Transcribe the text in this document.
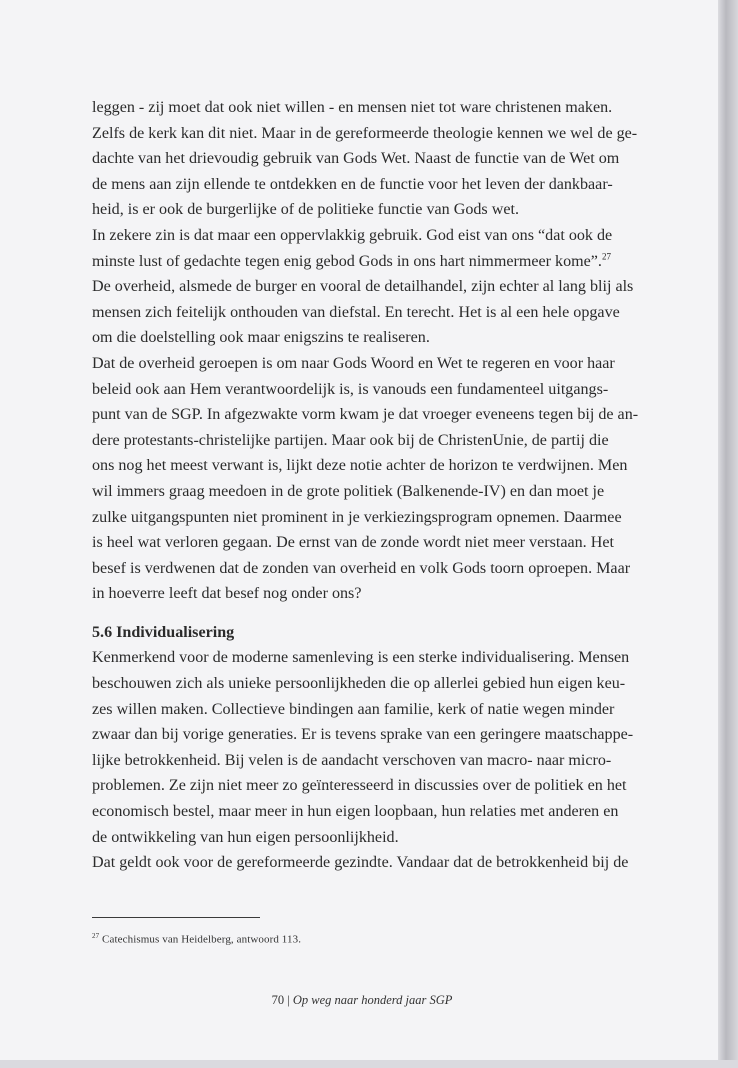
leggen - zij moet dat ook niet willen - en mensen niet tot ware christenen maken.

Zelfs de kerk kan dit niet. Maar in de gereformeerde theologie kennen we wel de ge-

dachte van het drievoudig gebruik van Gods Wet. Naast de functie van de Wet om

de mens aan zijn ellende te ontdekken en de functie voor het leven der dankbaar-

heid, is er ook de burgerlijke of de politieke functie van Gods wet.

In zekere zin is dat maar een oppervlakkig gebruik. God eist van ons “dat ook de

minste lust of gedachte tegen enig gebod Gods in ons hart nimmermeer kome”.$^{27}$

De overheid, alsmede de burger en vooral de detailhandel, zijn echter al lang blij als

mensen zich feitelijk onthouden van diefstal. En terecht. Het is al een hele opgave

om die doelstelling ook maar enigszins te realiseren.

Dat de overheid geroepen is om naar Gods Woord en Wet te regeren en voor haar

beleid ook aan Hem verantwoordelijk is, is vanouds een fundamenteel uitgangs-

punt van de SGP. In afgezwakte vorm kwam je dat vroeger eveneens tegen bij de an-

dere protestants-christelijke partijen. Maar ook bij de ChristenUnie, de partij die

ons nog het meest verwant is, lijkt deze notie achter de horizon te verdwijnen. Men

wil immers graag meedoen in de grote politiek (Balkenende-IV) en dan moet je

zulke uitgangspunten niet prominent in je verkiezingsprogram opnemen. Daarmee

is heel wat verloren gegaan. De ernst van de zonde wordt niet meer verstaan. Het

besef is verdwenen dat de zonden van overheid en volk Gods toorn oproepen. Maar

in hoeverre leeft dat besef nog onder ons?

5.6 Individualisering

Kenmerkend voor de moderne samenleving is een sterke individualisering. Mensen

beschouwen zich als unieke persoonlijkheden die op allerlei gebied hun eigen keu-

zes willen maken. Collectieve bindingen aan familie, kerk of natie wegen minder

zwaar dan bij vorige generaties. Er is tevens sprake van een geringere maatschappe-

lijke betrokkenheid. Bij velen is de aandacht verschoven van macro- naar micro-

problemen. Ze zijn niet meer zo geïnteresseerd in discussies over de politiek en het

economisch bestel, maar meer in hun eigen loopbaan, hun relaties met anderen en

de ontwikkeling van hun eigen persoonlijkheid.

Dat geldt ook voor de gereformeerde gezindte. Vandaar dat de betrokkenheid bij de

$^{27}$ Catechismus van Heidelberg, antwoord 113.
70 | Op weg naar honderd jaar SGP
